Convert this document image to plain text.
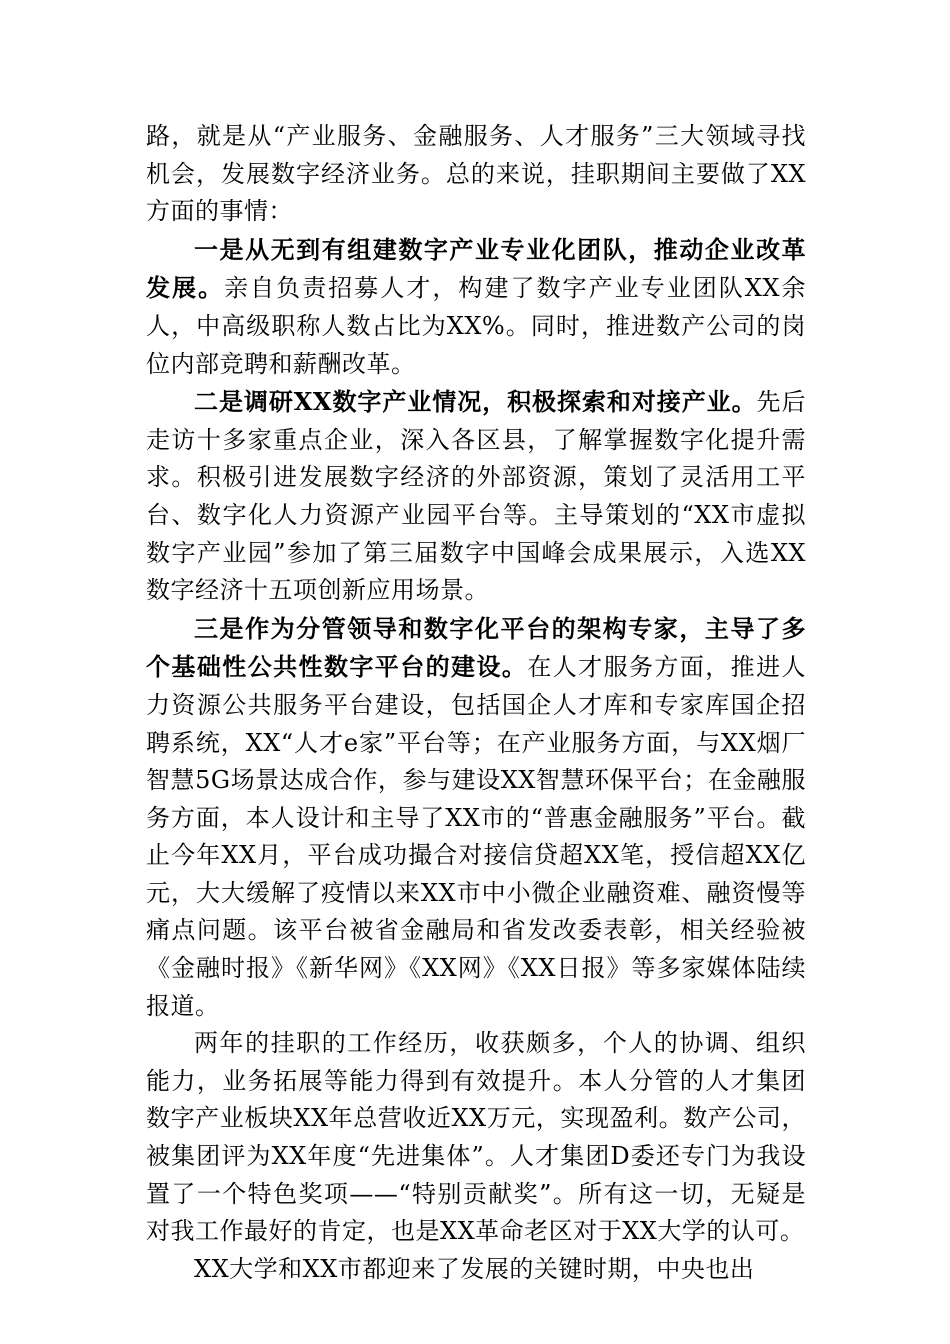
路，就是从“产业服务、金融服务、人才服务”三大领域寻找机会，发展数字经济业务。总的来说，挂职期间主要做了XX方面的事情：

一是从无到有组建数字产业专业化团队，推动企业改革发展。亲自负责招募人才，构建了数字产业专业团队XX余人，中高级职称人数占比为XX%。同时，推进数产公司的岗位内部竞聘和薪酬改革。

二是调研XX数字产业情况，积极探索和对接产业。先后走访十多家重点企业，深入各区县，了解掌握数字化提升需求。积极引进发展数字经济的外部资源，策划了灵活用工平台、数字化人力资源产业园平台等。主导策划的“XX市虚拟数字产业园”参加了第三届数字中国峰会成果展示，入选XX数字经济十五项创新应用场景。

三是作为分管领导和数字化平台的架构专家，主导了多个基础性公共性数字平台的建设。在人才服务方面，推进人力资源公共服务平台建设，包括国企人才库和专家库国企招聘系统，XX“人才e家”平台等；在产业服务方面，与XX烟厂智慧5G场景达成合作，参与建设XX智慧环保平台；在金融服务方面，本人设计和主导了XX市的“普惠金融服务”平台。截止今年XX月，平台成功撮合对接信贷超XX笔，授信超XX亿元，大大缓解了疫情以来XX市中小微企业融资难、融资慢等痛点问题。该平台被省金融局和省发改委表彰，相关经验被《金融时报》《新华网》《XX网》《XX日报》等多家媒体陆续报道。

两年的挂职的工作经历，收获颇多，个人的协调、组织能力，业务拓展等能力得到有效提升。本人分管的人才集团数字产业板块XX年总营收近XX万元，实现盈利。数产公司，被集团评为XX年度“先进集体”。人才集团D委还专门为我设置了一个特色奖项——“特别贡献奖”。所有这一切，无疑是对我工作最好的肯定，也是XX革命老区对于XX大学的认可。

XX大学和XX市都迎来了发展的关键时期，中央也出
